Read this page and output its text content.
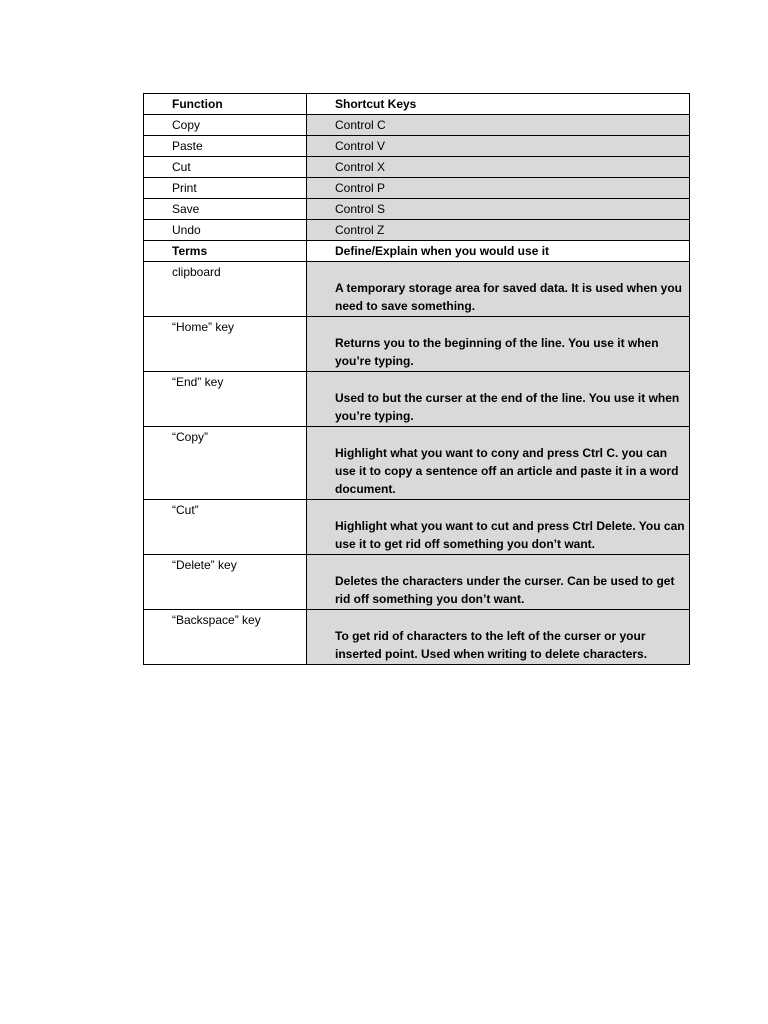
Function	Shortcut Keys
Copy	Control C
Paste	Control V
Cut	Control X
Print	Control P
Save	Control S
Undo	Control Z
Terms	Define/Explain when you would use it
clipboard	A temporary storage area for saved data. It is used when you need to save something.
“Home” key	Returns you to the beginning of the line. You use it when you’re typing.
“End” key	Used to but the curser at the end of the line. You use it when you’re typing.
“Copy”	Highlight what you want to cony and press Ctrl C. you can use it to copy a sentence off an article and paste it in a word document.
“Cut”	Highlight what you want to cut and press Ctrl Delete. You can use it to get rid off something you don’t want.
“Delete” key	Deletes the characters under the curser. Can be used to get rid off something you don’t want.
“Backspace” key	To get rid of characters to the left of the curser or your inserted point. Used when writing to delete characters.
